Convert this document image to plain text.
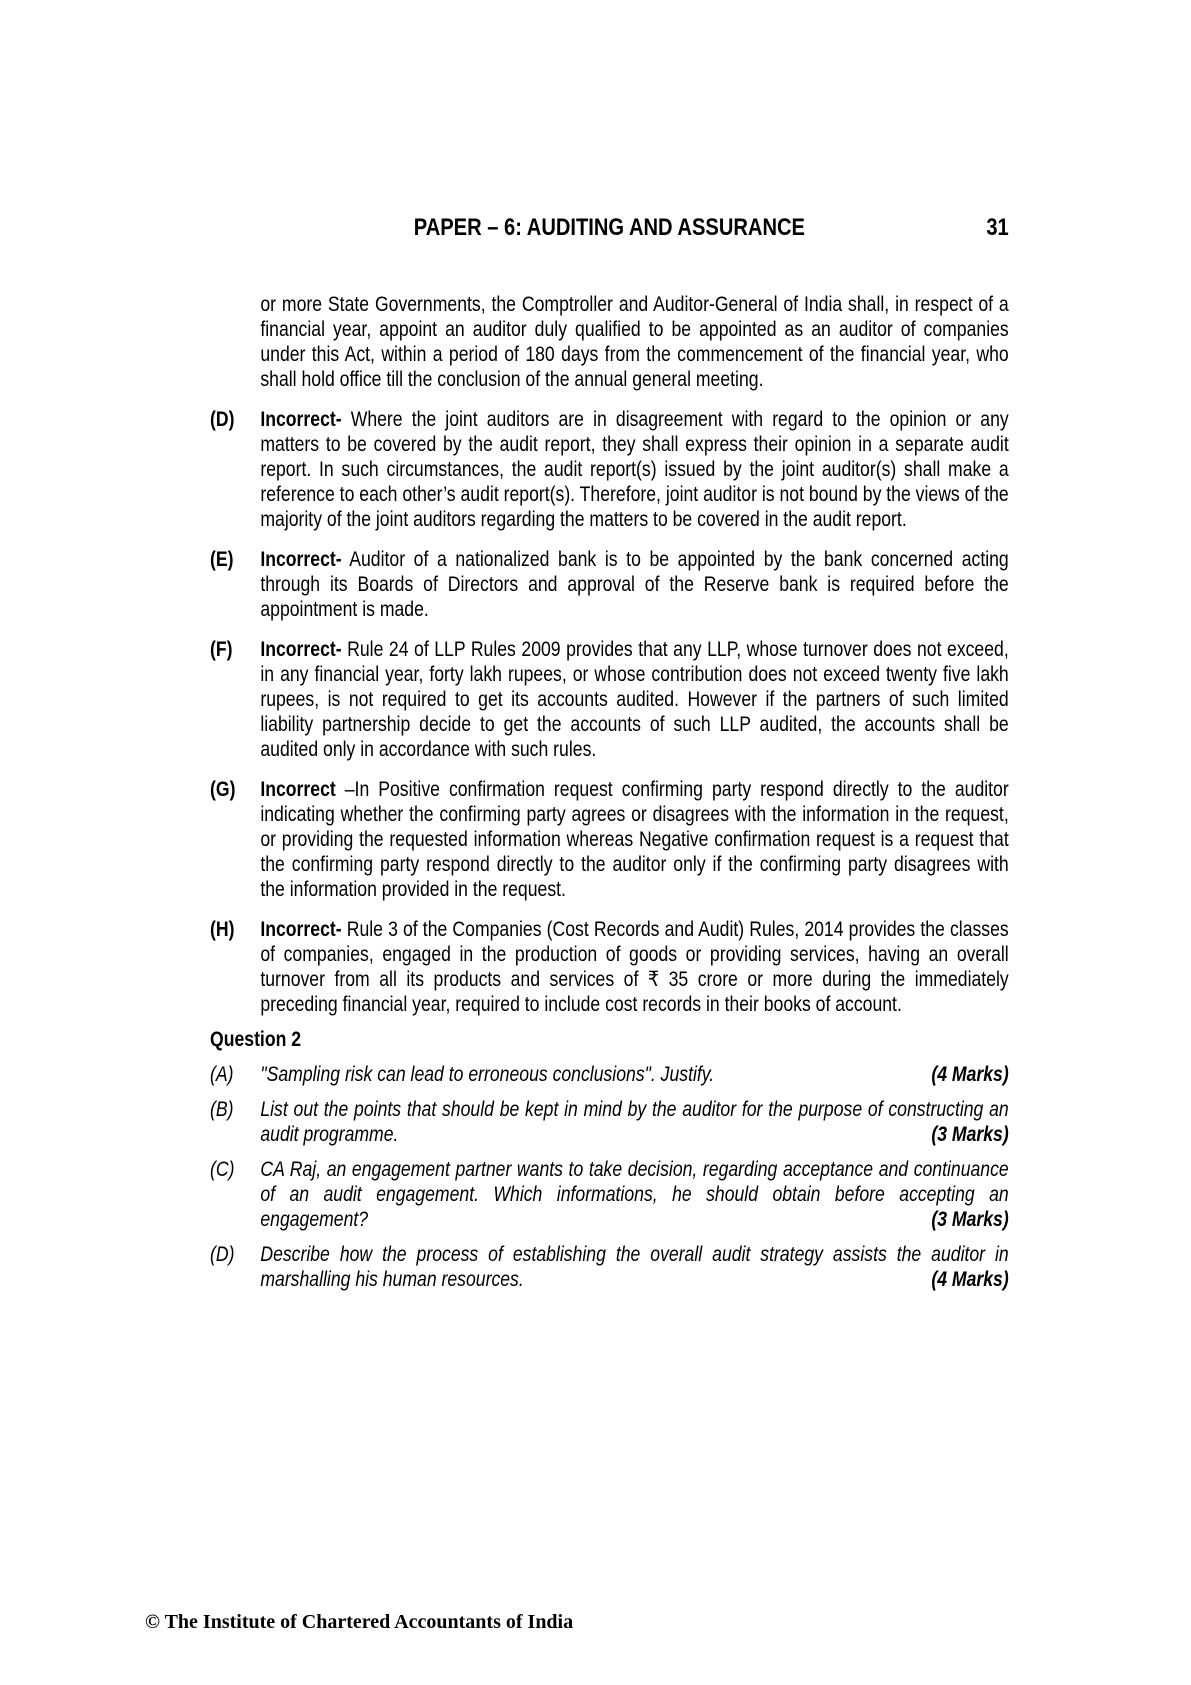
PAPER – 6: AUDITING AND ASSURANCE	31

or more State Governments, the Comptroller and Auditor-General of India shall, in respect of a financial year, appoint an auditor duly qualified to be appointed as an auditor of companies under this Act, within a period of 180 days from the commencement of the financial year, who shall hold office till the conclusion of the annual general meeting.

(D) Incorrect- Where the joint auditors are in disagreement with regard to the opinion or any matters to be covered by the audit report, they shall express their opinion in a separate audit report. In such circumstances, the audit report(s) issued by the joint auditor(s) shall make a reference to each other’s audit report(s). Therefore, joint auditor is not bound by the views of the majority of the joint auditors regarding the matters to be covered in the audit report.
(E) Incorrect- Auditor of a nationalized bank is to be appointed by the bank concerned acting through its Boards of Directors and approval of the Reserve bank is required before the appointment is made.
(F) Incorrect- Rule 24 of LLP Rules 2009 provides that any LLP, whose turnover does not exceed, in any financial year, forty lakh rupees, or whose contribution does not exceed twenty five lakh rupees, is not required to get its accounts audited. However if the partners of such limited liability partnership decide to get the accounts of such LLP audited, the accounts shall be audited only in accordance with such rules.
(G) Incorrect –In Positive confirmation request confirming party respond directly to the auditor indicating whether the confirming party agrees or disagrees with the information in the request, or providing the requested information whereas Negative confirmation request is a request that the confirming party respond directly to the auditor only if the confirming party disagrees with the information provided in the request.
(H) Incorrect- Rule 3 of the Companies (Cost Records and Audit) Rules, 2014 provides the classes of companies, engaged in the production of goods or providing services, having an overall turnover from all its products and services of ₹ 35 crore or more during the immediately preceding financial year, required to include cost records in their books of account.
Question 2
(A) "Sampling risk can lead to erroneous conclusions". Justify.	(4 Marks)
(B) List out the points that should be kept in mind by the auditor for the purpose of constructing an audit programme.	(3 Marks)
(C) CA Raj, an engagement partner wants to take decision, regarding acceptance and continuance of an audit engagement. Which informations, he should obtain before accepting an engagement?	(3 Marks)
(D) Describe how the process of establishing the overall audit strategy assists the auditor in marshalling his human resources.	(4 Marks)
© The Institute of Chartered Accountants of India
